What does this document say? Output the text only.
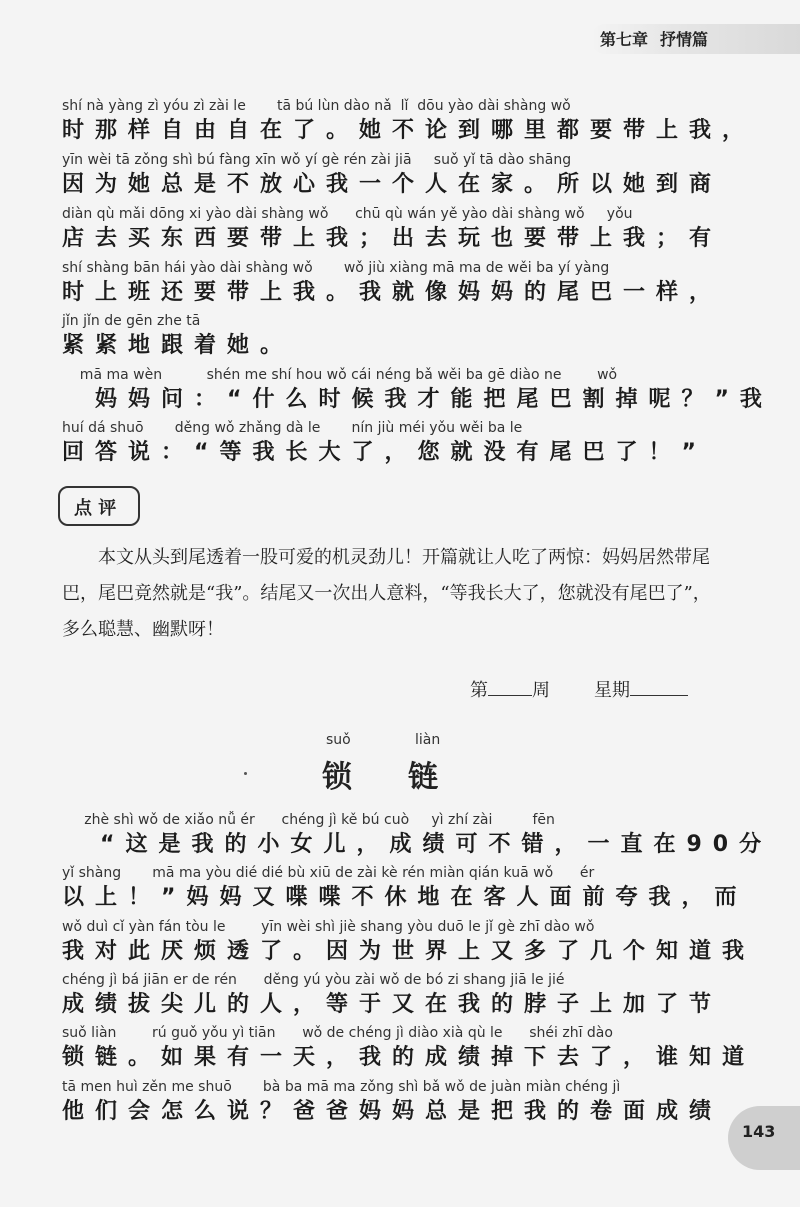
第七章 抒情篇
shí nà yàng zì yóu zì zài le       tā bú lùn dào nǎ  lǐ  dōu yào dài shàng wǒ
时那样自由自在了。她不论到哪里都要带上我，
yīn wèi tā zǒng shì bú fàng xīn wǒ yí gè rén zài jiā     suǒ yǐ tā dào shāng
因为她总是不放心我一个人在家。所以她到商
diàn qù mǎi dōng xi yào dài shàng wǒ      chū qù wán yě yào dài shàng wǒ     yǒu
店去买东西要带上我；出去玩也要带上我；有
shí shàng bān hái yào dài shàng wǒ       wǒ jiù xiàng mā ma de wěi ba yí yàng
时上班还要带上我。我就像妈妈的尾巴一样，
jǐn jǐn de gēn zhe tā
紧紧地跟着她。
mā ma wèn          shén me shí hou wǒ cái néng bǎ wěi ba gē diào ne        wǒ
　妈妈问：“什么时候我才能把尾巴割掉呢？”我
huí dá shuō       děng wǒ zhǎng dà le       nín jiù méi yǒu wěi ba le
回答说：“等我长大了，您就没有尾巴了！”
点 评

本文从头到尾透着一股可爱的机灵劲儿！开篇就让人吃了两惊：妈妈居然带尾巴，尾巴竟然就是“我”。结尾又一次出人意料，“等我长大了，您就没有尾巴了”，多么聪慧、幽默呀！

第 周 星期
suǒ	liàn
锁 链
zhè shì wǒ de xiǎo nǚ ér      chéng jì kě bú cuò     yì zhí zài         fēn
“这是我的小女儿，成绩可不错，一直在90分
yǐ shàng       mā ma yòu dié dié bù xiū de zài kè rén miàn qián kuā wǒ      ér
以上！”妈妈又喋喋不休地在客人面前夸我，而
wǒ duì cǐ yàn fán tòu le        yīn wèi shì jiè shang yòu duō le jǐ gè zhī dào wǒ
我对此厌烦透了。因为世界上又多了几个知道我
chéng jì bá jiān er de rén      děng yú yòu zài wǒ de bó zi shang jiā le jié
成绩拔尖儿的人，等于又在我的脖子上加了节
suǒ liàn        rú guǒ yǒu yì tiān      wǒ de chéng jì diào xià qù le      shéi zhī dào
锁链。如果有一天，我的成绩掉下去了，谁知道
tā men huì zěn me shuō       bà ba mā ma zǒng shì bǎ wǒ de juàn miàn chéng jì
他们会怎么说？爸爸妈妈总是把我的卷面成绩
143
